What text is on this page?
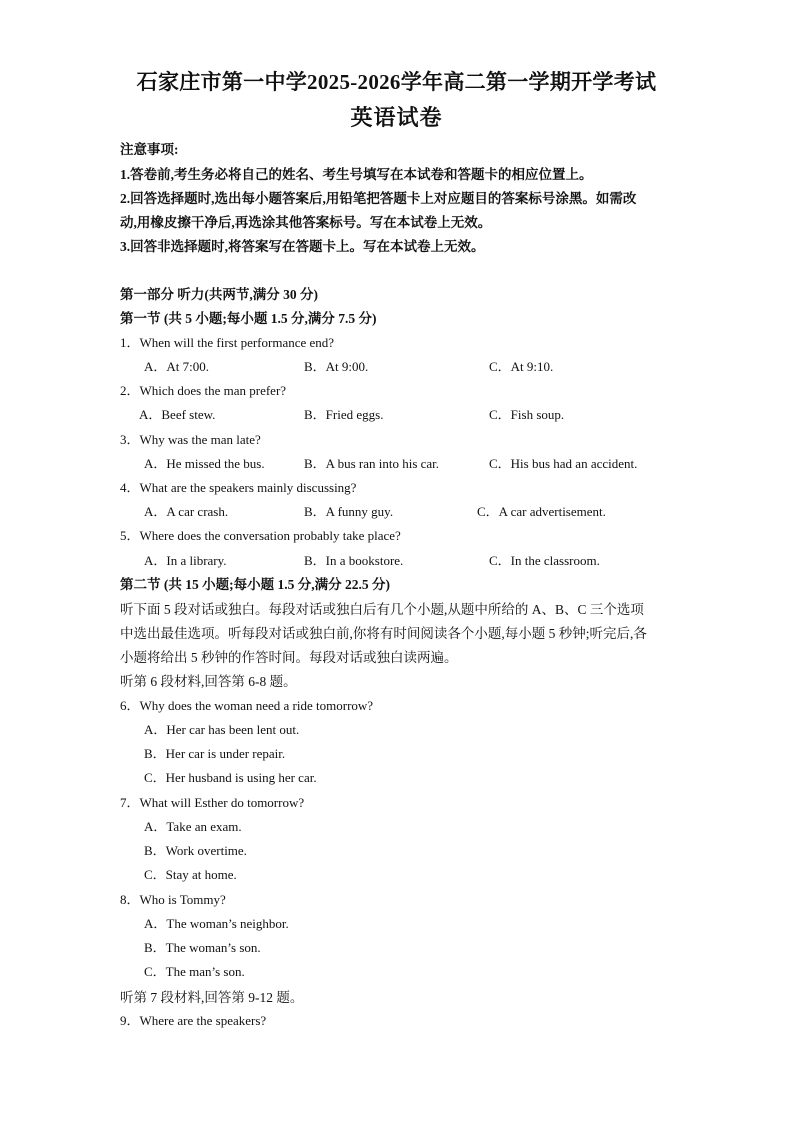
石家庄市第一中学2025-2026学年高二第一学期开学考试
英语试卷
注意事项:
1.答卷前,考生务必将自己的姓名、考生号填写在本试卷和答题卡的相应位置上。
2.回答选择题时,选出每小题答案后,用铅笔把答题卡上对应题目的答案标号涂黑。如需改
动,用橡皮擦干净后,再选涂其他答案标号。写在本试卷上无效。
3.回答非选择题时,将答案写在答题卡上。写在本试卷上无效。
第一部分 听力(共两节,满分 30 分)
第一节 (共 5 小题;每小题 1.5 分,满分 7.5 分)
1．When will the first performance end?
A．At 7:00.	B．At 9:00.	C．At 9:10.
2．Which does the man prefer?
A．Beef stew.	B．Fried eggs.	C．Fish soup.
3．Why was the man late?
A．He missed the bus.	B．A bus ran into his car.	C．His bus had an accident.
4．What are the speakers mainly discussing?
A．A car crash.	B．A funny guy.	C．A car advertisement.
5．Where does the conversation probably take place?
A．In a library.	B．In a bookstore.	C．In the classroom.
第二节 (共 15 小题;每小题 1.5 分,满分 22.5 分)
听下面 5 段对话或独白。每段对话或独白后有几个小题,从题中所给的 A、B、C 三个选项
中选出最佳选项。听每段对话或独白前,你将有时间阅读各个小题,每小题 5 秒钟;听完后,各
小题将给出 5 秒钟的作答时间。每段对话或独白读两遍。
听第 6 段材料,回答第 6-8 题。
6．Why does the woman need a ride tomorrow?
A．Her car has been lent out.
B．Her car is under repair.
C．Her husband is using her car.
7．What will Esther do tomorrow?
A．Take an exam.
B．Work overtime.
C．Stay at home.
8．Who is Tommy?
A．The woman’s neighbor.
B．The woman’s son.
C．The man’s son.
听第 7 段材料,回答第 9-12 题。
9．Where are the speakers?
